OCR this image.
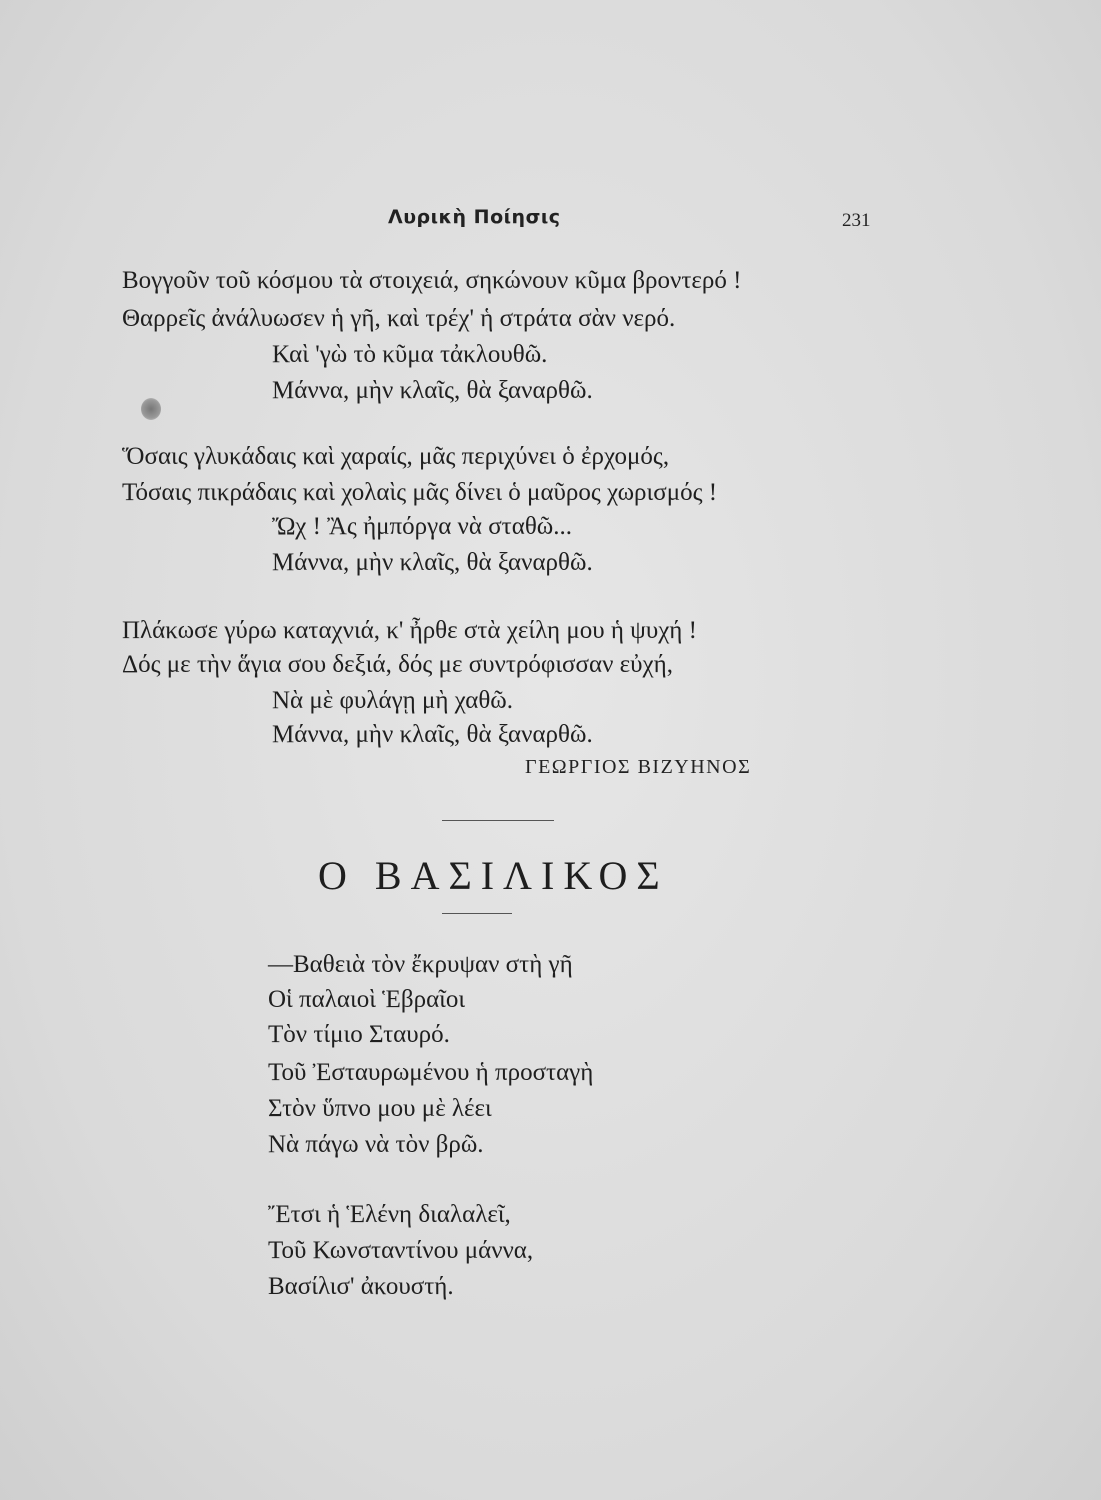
Λυρικὴ Ποίησις	231
Βογγοῦν τοῦ κόσμου τὰ στοιχειά, σηκώνουν κῦμα βροντερό !
Θαρρεῖς ἀνάλυωσεν ἡ γῆ, καὶ τρέχ' ἡ στράτα σὰν νερό.
Καὶ 'γὼ τὸ κῦμα τἀκλουθῶ.
Μάννα, μὴν κλαῖς, θὰ ξαναρθῶ.
Ὅσαις γλυκάδαις καὶ χαραίς, μᾶς περιχύνει ὁ ἐρχομός,
Τόσαις πικράδαις καὶ χολαὶς μᾶς δίνει ὁ μαῦρος χωρισμός !
Ὤχ ! Ἂς ἠμπόργα νὰ σταθῶ...
Μάννα, μὴν κλαῖς, θὰ ξαναρθῶ.
Πλάκωσε γύρω καταχνιά, κ' ἦρθε στὰ χείλη μου ἡ ψυχή !
Δός με τὴν ἅγια σου δεξιά, δός με συντρόφισσαν εὐχή,
Νὰ μὲ φυλάγῃ μὴ χαθῶ.
Μάννα, μὴν κλαῖς, θὰ ξαναρθῶ.
ΓΕΩΡΓΙΟΣ ΒΙΖΥΗΝΟΣ
Ο ΒΑΣΙΛΙΚΟΣ
—Βαθειὰ τὸν ἔκρυψαν στὴ γῆ
Οἱ παλαιοὶ Ἑβραῖοι
Τὸν τίμιο Σταυρό.
Τοῦ Ἐσταυρωμένου ἡ προσταγὴ
Στὸν ὕπνο μου μὲ λέει
Νὰ πάγω νὰ τὸν βρῶ.
Ἔτσι ἡ Ἑλένη διαλαλεῖ,
Τοῦ Κωνσταντίνου μάννα,
Βασίλισ' ἀκουστή.
